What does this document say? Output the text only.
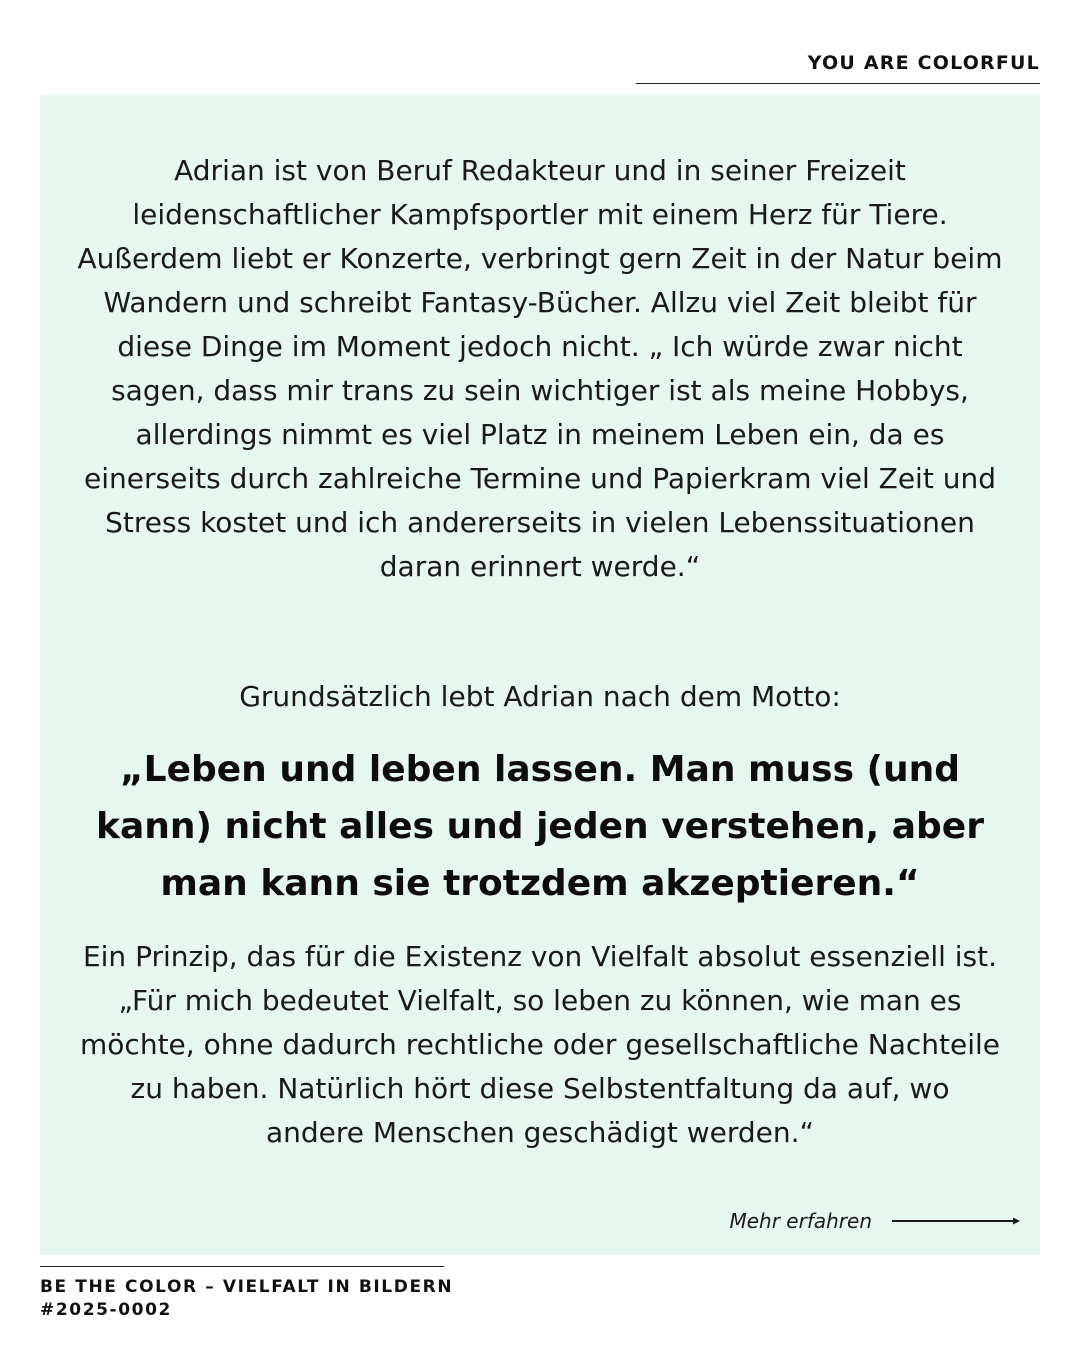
YOU ARE COLORFUL

Adrian ist von Beruf Redakteur und in seiner Freizeit leidenschaftlicher Kampfsportler mit einem Herz für Tiere. Außerdem liebt er Konzerte, verbringt gern Zeit in der Natur beim Wandern und schreibt Fantasy-Bücher. Allzu viel Zeit bleibt für diese Dinge im Moment jedoch nicht. „ Ich würde zwar nicht sagen, dass mir trans zu sein wichtiger ist als meine Hobbys, allerdings nimmt es viel Platz in meinem Leben ein, da es einerseits durch zahlreiche Termine und Papierkram viel Zeit und Stress kostet und ich andererseits in vielen Lebenssituationen daran erinnert werde.“

Grundsätzlich lebt Adrian nach dem Motto:

„Leben und leben lassen. Man muss (und kann) nicht alles und jeden verstehen, aber man kann sie trotzdem akzeptieren.“

Ein Prinzip, das für die Existenz von Vielfalt absolut essenziell ist. „Für mich bedeutet Vielfalt, so leben zu können, wie man es möchte, ohne dadurch rechtliche oder gesellschaftliche Nachteile zu haben. Natürlich hört diese Selbstentfaltung da auf, wo andere Menschen geschädigt werden.“

Mehr erfahren
BE THE COLOR – VIELFALT IN BILDERN
#2025-0002
